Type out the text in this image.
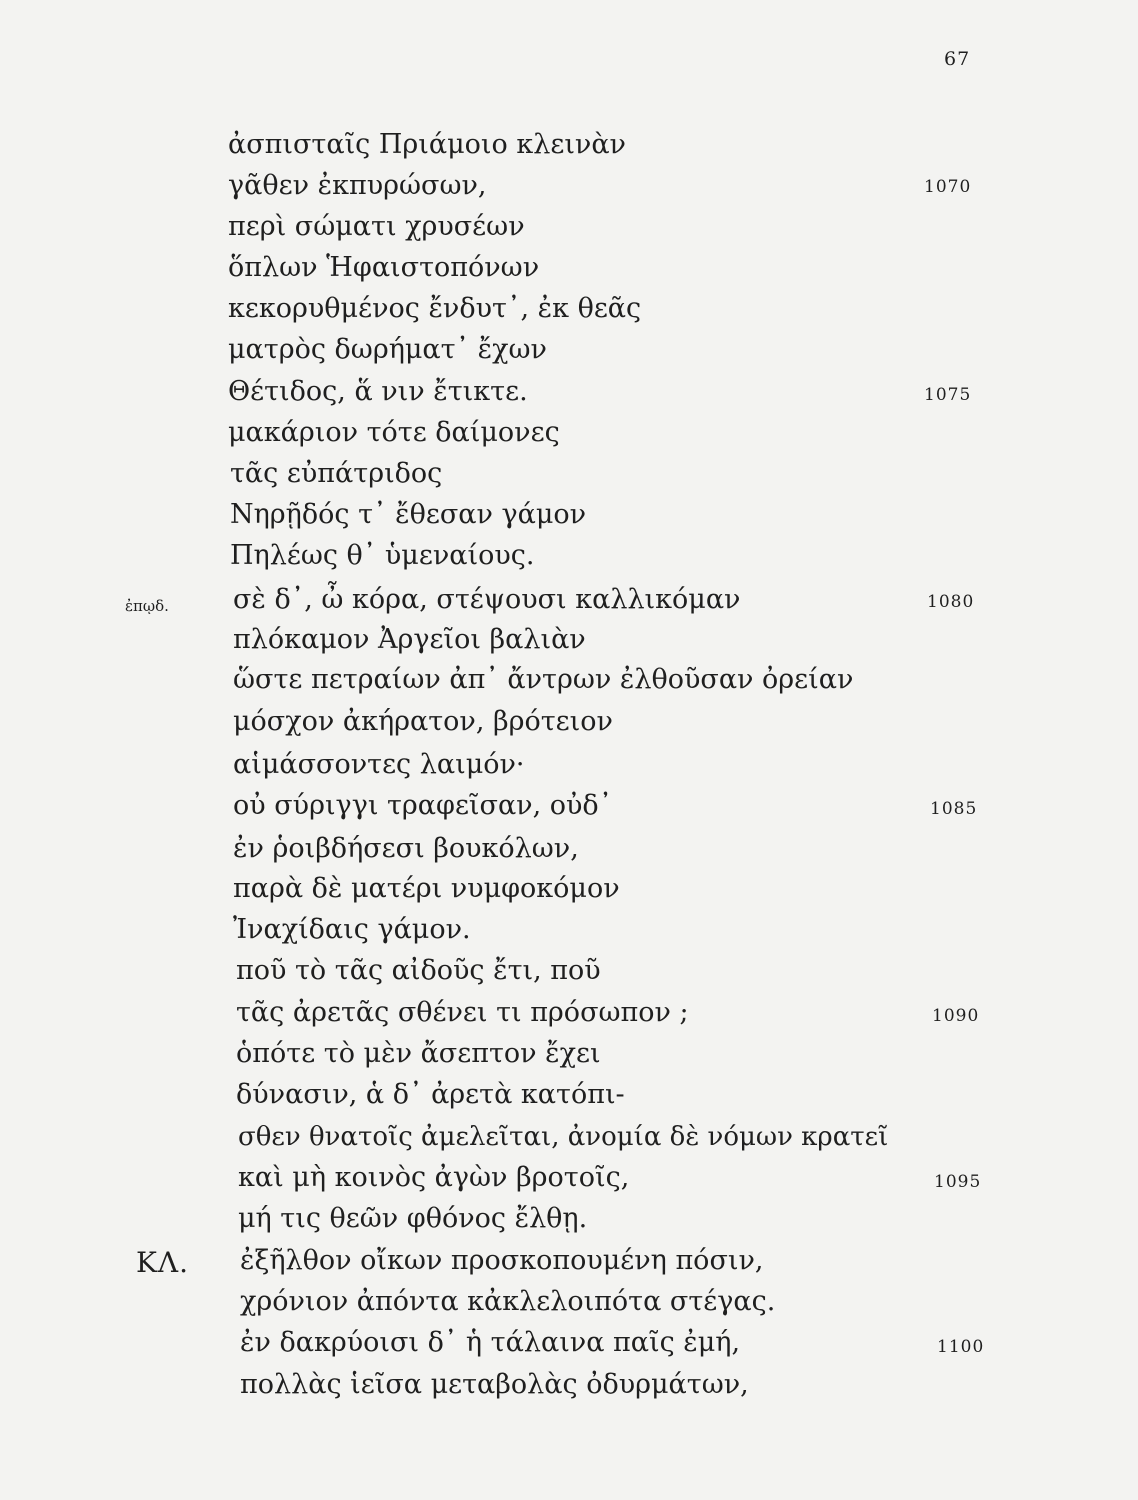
67
ἀσπισταῖς Πριάμοιο κλεινὰν
γᾶθεν ἐκπυρώσων,
περὶ σώματι χρυσέων
ὅπλων Ἡφαιστοπόνων
κεκορυθμένος ἔνδυτ᾽, ἐκ θεᾶς
ματρὸς δωρήματ᾽ ἔχων
Θέτιδος, ἅ νιν ἔτικτε.
μακάριον τότε δαίμονες
τᾶς εὐπάτριδος
Νηρῇδός τ᾽ ἔθεσαν γάμον
Πηλέως θ᾽ ὑμεναίους.
σὲ δ᾽, ὦ κόρα, στέψουσι καλλικόμαν
πλόκαμον Ἀργεῖοι βαλιὰν
ὥστε πετραίων ἀπ᾽ ἄντρων ἐλθοῦσαν ὀρείαν
μόσχον ἀκήρατον, βρότειον
αἱμάσσοντες λαιμόν·
οὐ σύριγγι τραφεῖσαν, οὐδ᾽
ἐν ῥοιβδήσεσι βουκόλων,
παρὰ δὲ ματέρι νυμφοκόμον
Ἰναχίδαις γάμον.
ποῦ τὸ τᾶς αἰδοῦς ἔτι, ποῦ
τᾶς ἀρετᾶς σθένει τι πρόσωπον ;
ὁπότε τὸ μὲν ἄσεπτον ἔχει
δύνασιν, ἁ δ᾽ ἀρετὰ κατόπι-
σθεν θνατοῖς ἀμελεῖται, ἀνομία δὲ νόμων κρατεῖ
καὶ μὴ κοινὸς ἀγὼν βροτοῖς,
μή τις θεῶν φθόνος ἔλθῃ.
ἐξῆλθον οἴκων προσκοπουμένη πόσιν,
χρόνιον ἀπόντα κἀκλελοιπότα στέγας.
ἐν δακρύοισι δ᾽ ἡ τάλαινα παῖς ἐμή,
πολλὰς ἱεῖσα μεταβολὰς ὀδυρμάτων,
1070
1075
1080
1085
1090
1095
1100
ἐπῳδ.
ΚΛ.
